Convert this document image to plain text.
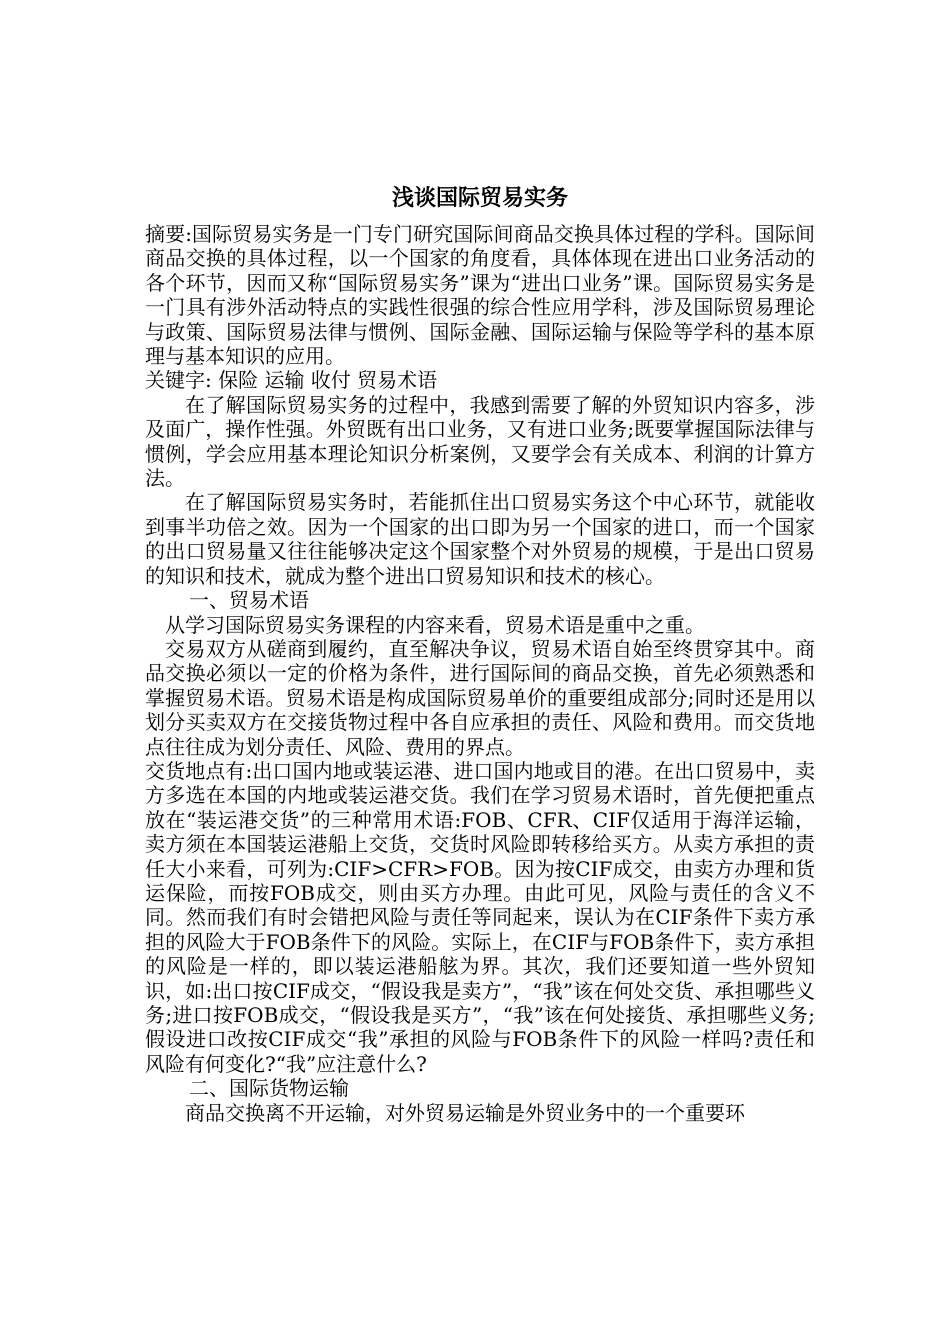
浅谈国际贸易实务

摘要:国际贸易实务是一门专门研究国际间商品交换具体过程的学科。国际间商品交换的具体过程，以一个国家的角度看，具体体现在进出口业务活动的各个环节，因而又称“国际贸易实务”课为“进出口业务”课。国际贸易实务是一门具有涉外活动特点的实践性很强的综合性应用学科，涉及国际贸易理论与政策、国际贸易法律与惯例、国际金融、国际运输与保险等学科的基本原理与基本知识的应用。

关键字: 保险 运输 收付 贸易术语

在了解国际贸易实务的过程中，我感到需要了解的外贸知识内容多，涉及面广，操作性强。外贸既有出口业务，又有进口业务;既要掌握国际法律与惯例，学会应用基本理论知识分析案例，又要学会有关成本、利润的计算方法。

在了解国际贸易实务时，若能抓住出口贸易实务这个中心环节，就能收到事半功倍之效。因为一个国家的出口即为另一个国家的进口，而一个国家的出口贸易量又往往能够决定这个国家整个对外贸易的规模，于是出口贸易的知识和技术，就成为整个进出口贸易知识和技术的核心。

一、贸易术语

从学习国际贸易实务课程的内容来看，贸易术语是重中之重。

交易双方从磋商到履约，直至解决争议，贸易术语自始至终贯穿其中。商品交换必须以一定的价格为条件，进行国际间的商品交换，首先必须熟悉和掌握贸易术语。贸易术语是构成国际贸易单价的重要组成部分;同时还是用以划分买卖双方在交接货物过程中各自应承担的责任、风险和费用。而交货地点往往成为划分责任、风险、费用的界点。

交货地点有:出口国内地或装运港、进口国内地或目的港。在出口贸易中，卖方多选在本国的内地或装运港交货。我们在学习贸易术语时，首先便把重点放在“装运港交货”的三种常用术语:FOB、CFR、CIF仅适用于海洋运输，卖方须在本国装运港船上交货，交货时风险即转移给买方。从卖方承担的责任大小来看，可列为:CIF>CFR>FOB。因为按CIF成交，由卖方办理和货运保险，而按FOB成交，则由买方办理。由此可见，风险与责任的含义不同。然而我们有时会错把风险与责任等同起来，误认为在CIF条件下卖方承担的风险大于FOB条件下的风险。实际上，在CIF与FOB条件下，卖方承担的风险是一样的，即以装运港船舷为界。其次，我们还要知道一些外贸知识，如:出口按CIF成交，“假设我是卖方”，“我”该在何处交货、承担哪些义务;进口按FOB成交，“假设我是买方”，“我”该在何处接货、承担哪些义务;假设进口改按CIF成交“我”承担的风险与FOB条件下的风险一样吗?责任和风险有何变化?“我”应注意什么?

二、国际货物运输

商品交换离不开运输，对外贸易运输是外贸业务中的一个重要环
